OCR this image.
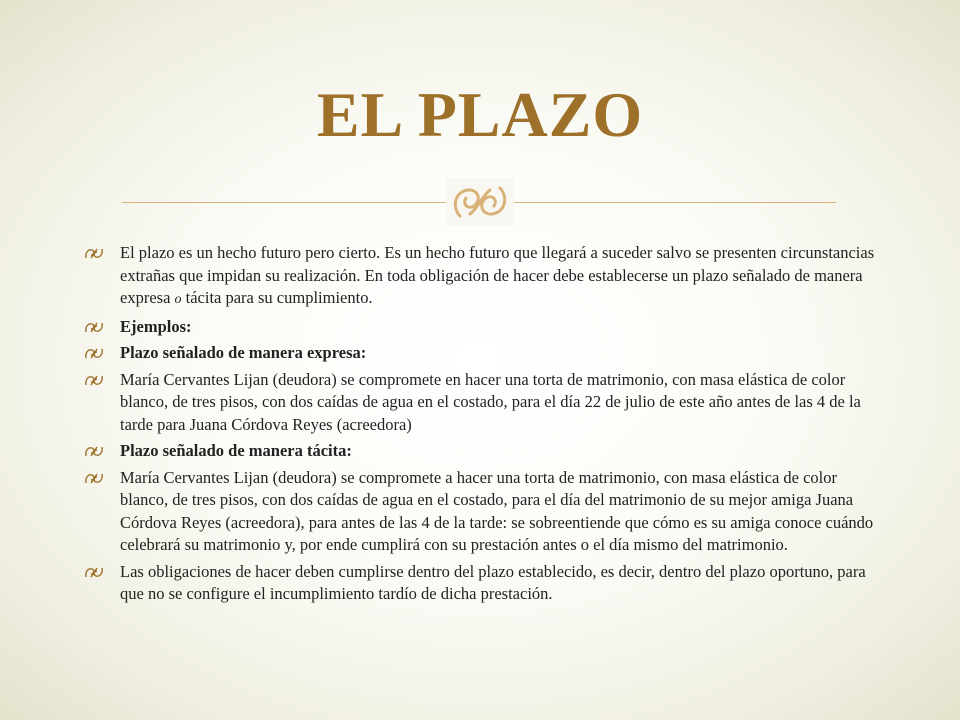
EL PLAZO
El plazo es un hecho futuro pero cierto. Es un hecho futuro que llegará a suceder salvo se presenten circunstancias extrañas que impidan su realización. En toda obligación de hacer debe establecerse un plazo señalado de manera expresa o tácita para su cumplimiento.
Ejemplos:
Plazo señalado de manera expresa:
María Cervantes Lijan (deudora) se compromete en hacer una torta de matrimonio, con masa elástica de color blanco, de tres pisos, con dos caídas de agua en el costado, para el día 22 de julio de este año antes de las 4 de la tarde para Juana Córdova Reyes (acreedora)
Plazo señalado de manera tácita:
María Cervantes Lijan (deudora) se compromete a hacer una torta de matrimonio, con masa elástica de color blanco, de tres pisos, con dos caídas de agua en el costado, para el día del matrimonio de su mejor amiga Juana Córdova Reyes (acreedora), para antes de las 4 de la tarde: se sobreentiende que cómo es su amiga conoce cuándo celebrará su matrimonio y, por ende cumplirá con su prestación antes o el día mismo del matrimonio.
Las obligaciones de hacer deben cumplirse dentro del plazo establecido, es decir, dentro del plazo oportuno, para que no se configure el incumplimiento tardío de dicha prestación.
